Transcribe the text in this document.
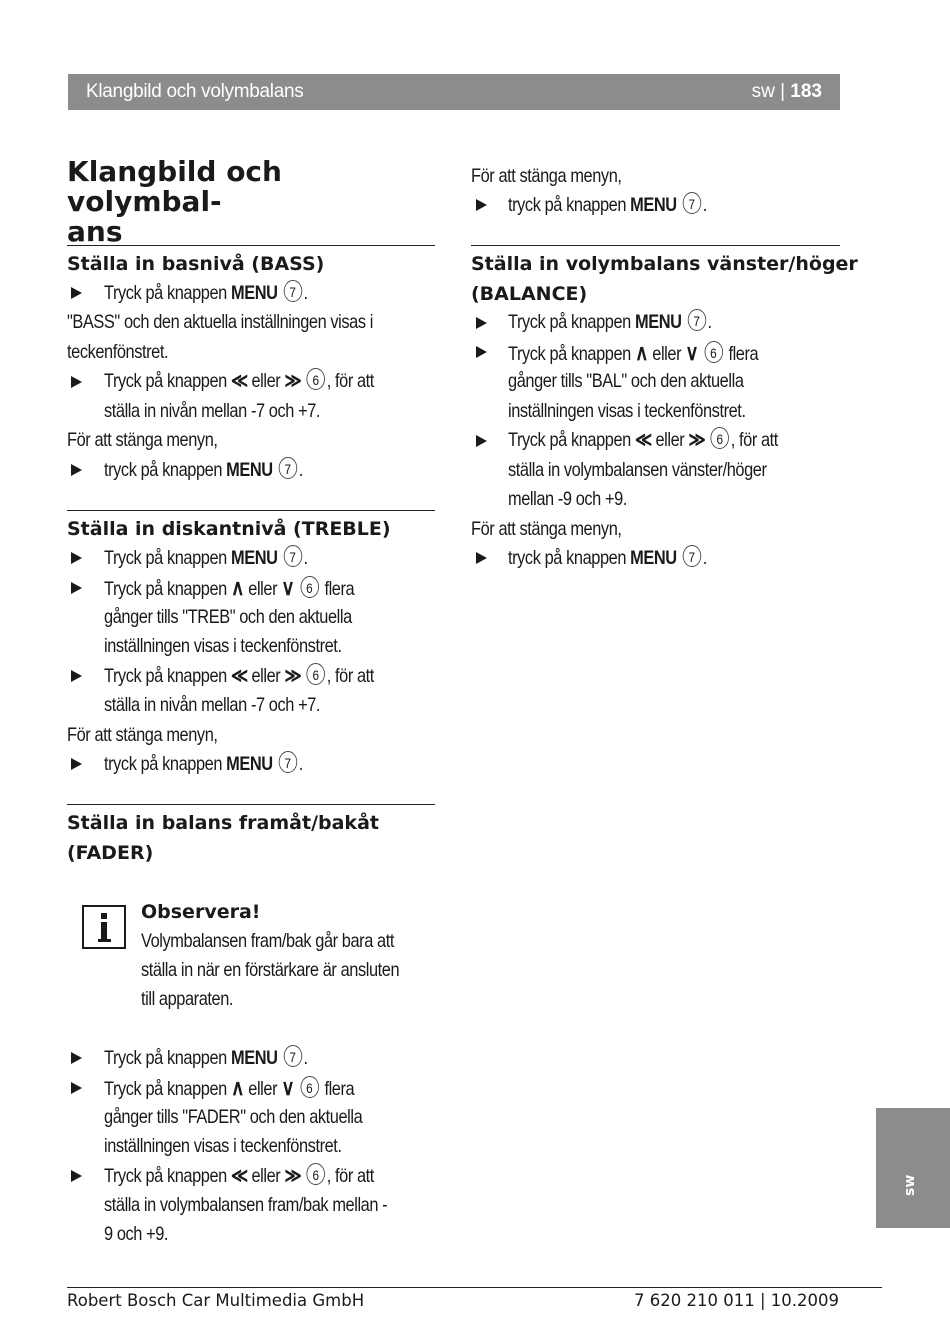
Klangbild och volymbalans	sw | 183
Klangbild och volymbal-
ans
Ställa in basnivå (BASS)
Tryck på knappen MENU 7 .
"BASS" och den aktuella inställningen visas i
teckenfönstret.
Tryck på knappen ≪ eller ≫ 6 , för att
ställa in nivån mellan -7 och +7.
För att stänga menyn,
tryck på knappen MENU 7 .
Ställa in diskantnivå (TREBLE)
Tryck på knappen MENU 7 .
Tryck på knappen ∧ eller ∨ 6 flera
gånger tills "TREB" och den aktuella
inställningen visas i teckenfönstret.
Tryck på knappen ≪ eller ≫ 6 , för att
ställa in nivån mellan -7 och +7.
För att stänga menyn,
tryck på knappen MENU 7 .
Ställa in balans framåt/bakåt
(FADER)
Observera!
Volymbalansen fram/bak går bara att
ställa in när en förstärkare är ansluten
till apparaten.
Tryck på knappen MENU 7 .
Tryck på knappen ∧ eller ∨ 6 flera
gånger tills "FADER" och den aktuella
inställningen visas i teckenfönstret.
Tryck på knappen ≪ eller ≫ 6 , för att
ställa in volymbalansen fram/bak mellan -
9 och +9.
För att stänga menyn,
tryck på knappen MENU 7 .
Ställa in volymbalans vänster/höger
(BALANCE)
Tryck på knappen MENU 7 .
Tryck på knappen ∧ eller ∨ 6 flera
gånger tills "BAL" och den aktuella
inställningen visas i teckenfönstret.
Tryck på knappen ≪ eller ≫ 6 , för att
ställa in volymbalansen vänster/höger
mellan -9 och +9.
För att stänga menyn,
tryck på knappen MENU 7 .
sw
Robert Bosch Car Multimedia GmbH	7 620 210 011 | 10.2009
